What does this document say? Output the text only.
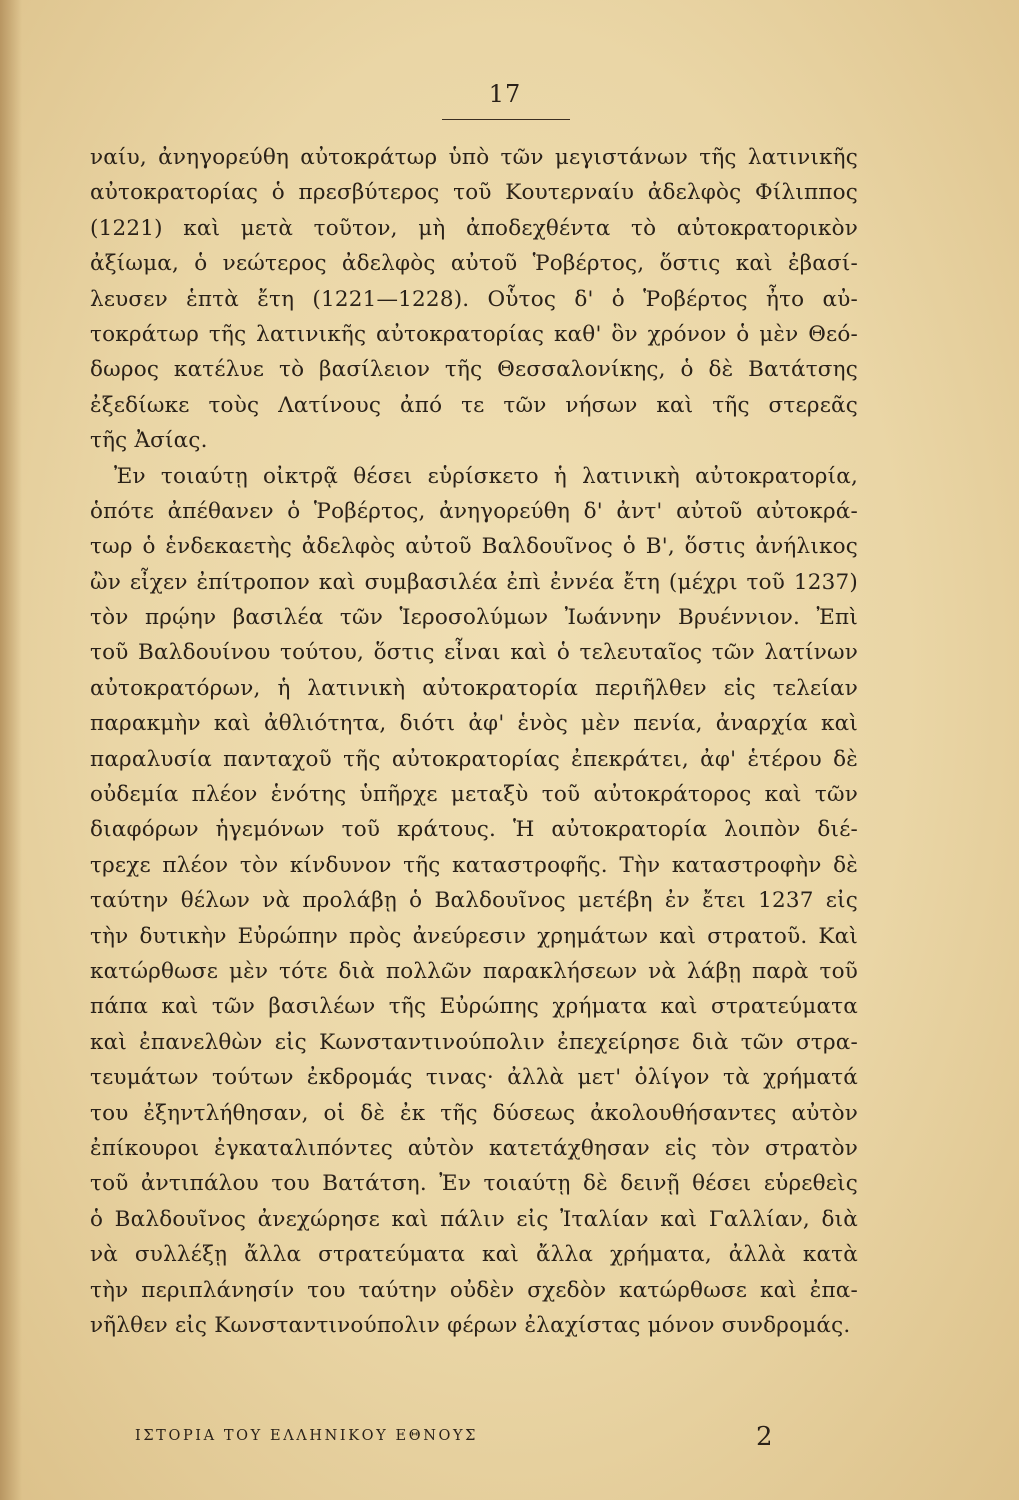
17
ναίυ, ἀνηγορεύθη αὐτοκράτωρ ὑπὸ τῶν μεγιστάνων τῆς λατινικῆς
αὐτοκρατορίας ὁ πρεσβύτερος τοῦ Κουτερναίυ ἀδελφὸς Φίλιππος
(1221) καὶ μετὰ τοῦτον, μὴ ἀποδεχθέντα τὸ αὐτοκρατορικὸν
ἀξίωμα, ὁ νεώτερος ἀδελφὸς αὐτοῦ Ῥοβέρτος, ὅστις καὶ ἐβασί-
λευσεν ἑπτὰ ἔτη (1221—1228). Οὗτος δ' ὁ Ῥοβέρτος ἦτο αὐ-
τοκράτωρ τῆς λατινικῆς αὐτοκρατορίας καθ' ὃν χρόνον ὁ μὲν Θεό-
δωρος κατέλυε τὸ βασίλειον τῆς Θεσσαλονίκης, ὁ δὲ Βατάτσης
ἐξεδίωκε τοὺς Λατίνους ἀπό τε τῶν νήσων καὶ τῆς στερεᾶς
τῆς Ἀσίας.
Ἐν τοιαύτῃ οἰκτρᾷ θέσει εὑρίσκετο ἡ λατινικὴ αὐτοκρατορία,
ὁπότε ἀπέθανεν ὁ Ῥοβέρτος, ἀνηγορεύθη δ' ἀντ' αὐτοῦ αὐτοκρά-
τωρ ὁ ἑνδεκαετὴς ἀδελφὸς αὐτοῦ Βαλδουῖνος ὁ Β', ὅστις ἀνήλικος
ὢν εἶχεν ἐπίτροπον καὶ συμβασιλέα ἐπὶ ἐννέα ἔτη (μέχρι τοῦ 1237)
τὸν πρῴην βασιλέα τῶν Ἱεροσολύμων Ἰωάννην Βρυέννιον. Ἐπὶ
τοῦ Βαλδουίνου τούτου, ὅστις εἶναι καὶ ὁ τελευταῖος τῶν λατίνων
αὐτοκρατόρων, ἡ λατινικὴ αὐτοκρατορία περιῆλθεν εἰς τελείαν
παρακμὴν καὶ ἀθλιότητα, διότι ἀφ' ἑνὸς μὲν πενία, ἀναρχία καὶ
παραλυσία πανταχοῦ τῆς αὐτοκρατορίας ἐπεκράτει, ἀφ' ἑτέρου δὲ
οὐδεμία πλέον ἑνότης ὑπῆρχε μεταξὺ τοῦ αὐτοκράτορος καὶ τῶν
διαφόρων ἡγεμόνων τοῦ κράτους. Ἡ αὐτοκρατορία λοιπὸν διέ-
τρεχε πλέον τὸν κίνδυνον τῆς καταστροφῆς. Τὴν καταστροφὴν δὲ
ταύτην θέλων νὰ προλάβῃ ὁ Βαλδουῖνος μετέβη ἐν ἔτει 1237 εἰς
τὴν δυτικὴν Εὐρώπην πρὸς ἀνεύρεσιν χρημάτων καὶ στρατοῦ. Καὶ
κατώρθωσε μὲν τότε διὰ πολλῶν παρακλήσεων νὰ λάβῃ παρὰ τοῦ
πάπα καὶ τῶν βασιλέων τῆς Εὐρώπης χρήματα καὶ στρατεύματα
καὶ ἐπανελθὼν εἰς Κωνσταντινούπολιν ἐπεχείρησε διὰ τῶν στρα-
τευμάτων τούτων ἐκδρομάς τινας· ἀλλὰ μετ' ὀλίγον τὰ χρήματά
του ἐξηντλήθησαν, οἱ δὲ ἐκ τῆς δύσεως ἀκολουθήσαντες αὐτὸν
ἐπίκουροι ἐγκαταλιπόντες αὐτὸν κατετάχθησαν εἰς τὸν στρατὸν
τοῦ ἀντιπάλου του Βατάτση. Ἐν τοιαύτῃ δὲ δεινῇ θέσει εὑρεθεὶς
ὁ Βαλδουῖνος ἀνεχώρησε καὶ πάλιν εἰς Ἰταλίαν καὶ Γαλλίαν, διὰ
νὰ συλλέξῃ ἄλλα στρατεύματα καὶ ἄλλα χρήματα, ἀλλὰ κατὰ
τὴν περιπλάνησίν του ταύτην οὐδὲν σχεδὸν κατώρθωσε καὶ ἐπα-
νῆλθεν εἰς Κωνσταντινούπολιν φέρων ἐλαχίστας μόνον συνδρομάς.
ΙΣΤΟΡΙΑ ΤΟΥ ΕΛΛΗΝΙΚΟΥ ΕΘΝΟΥΣ	2
